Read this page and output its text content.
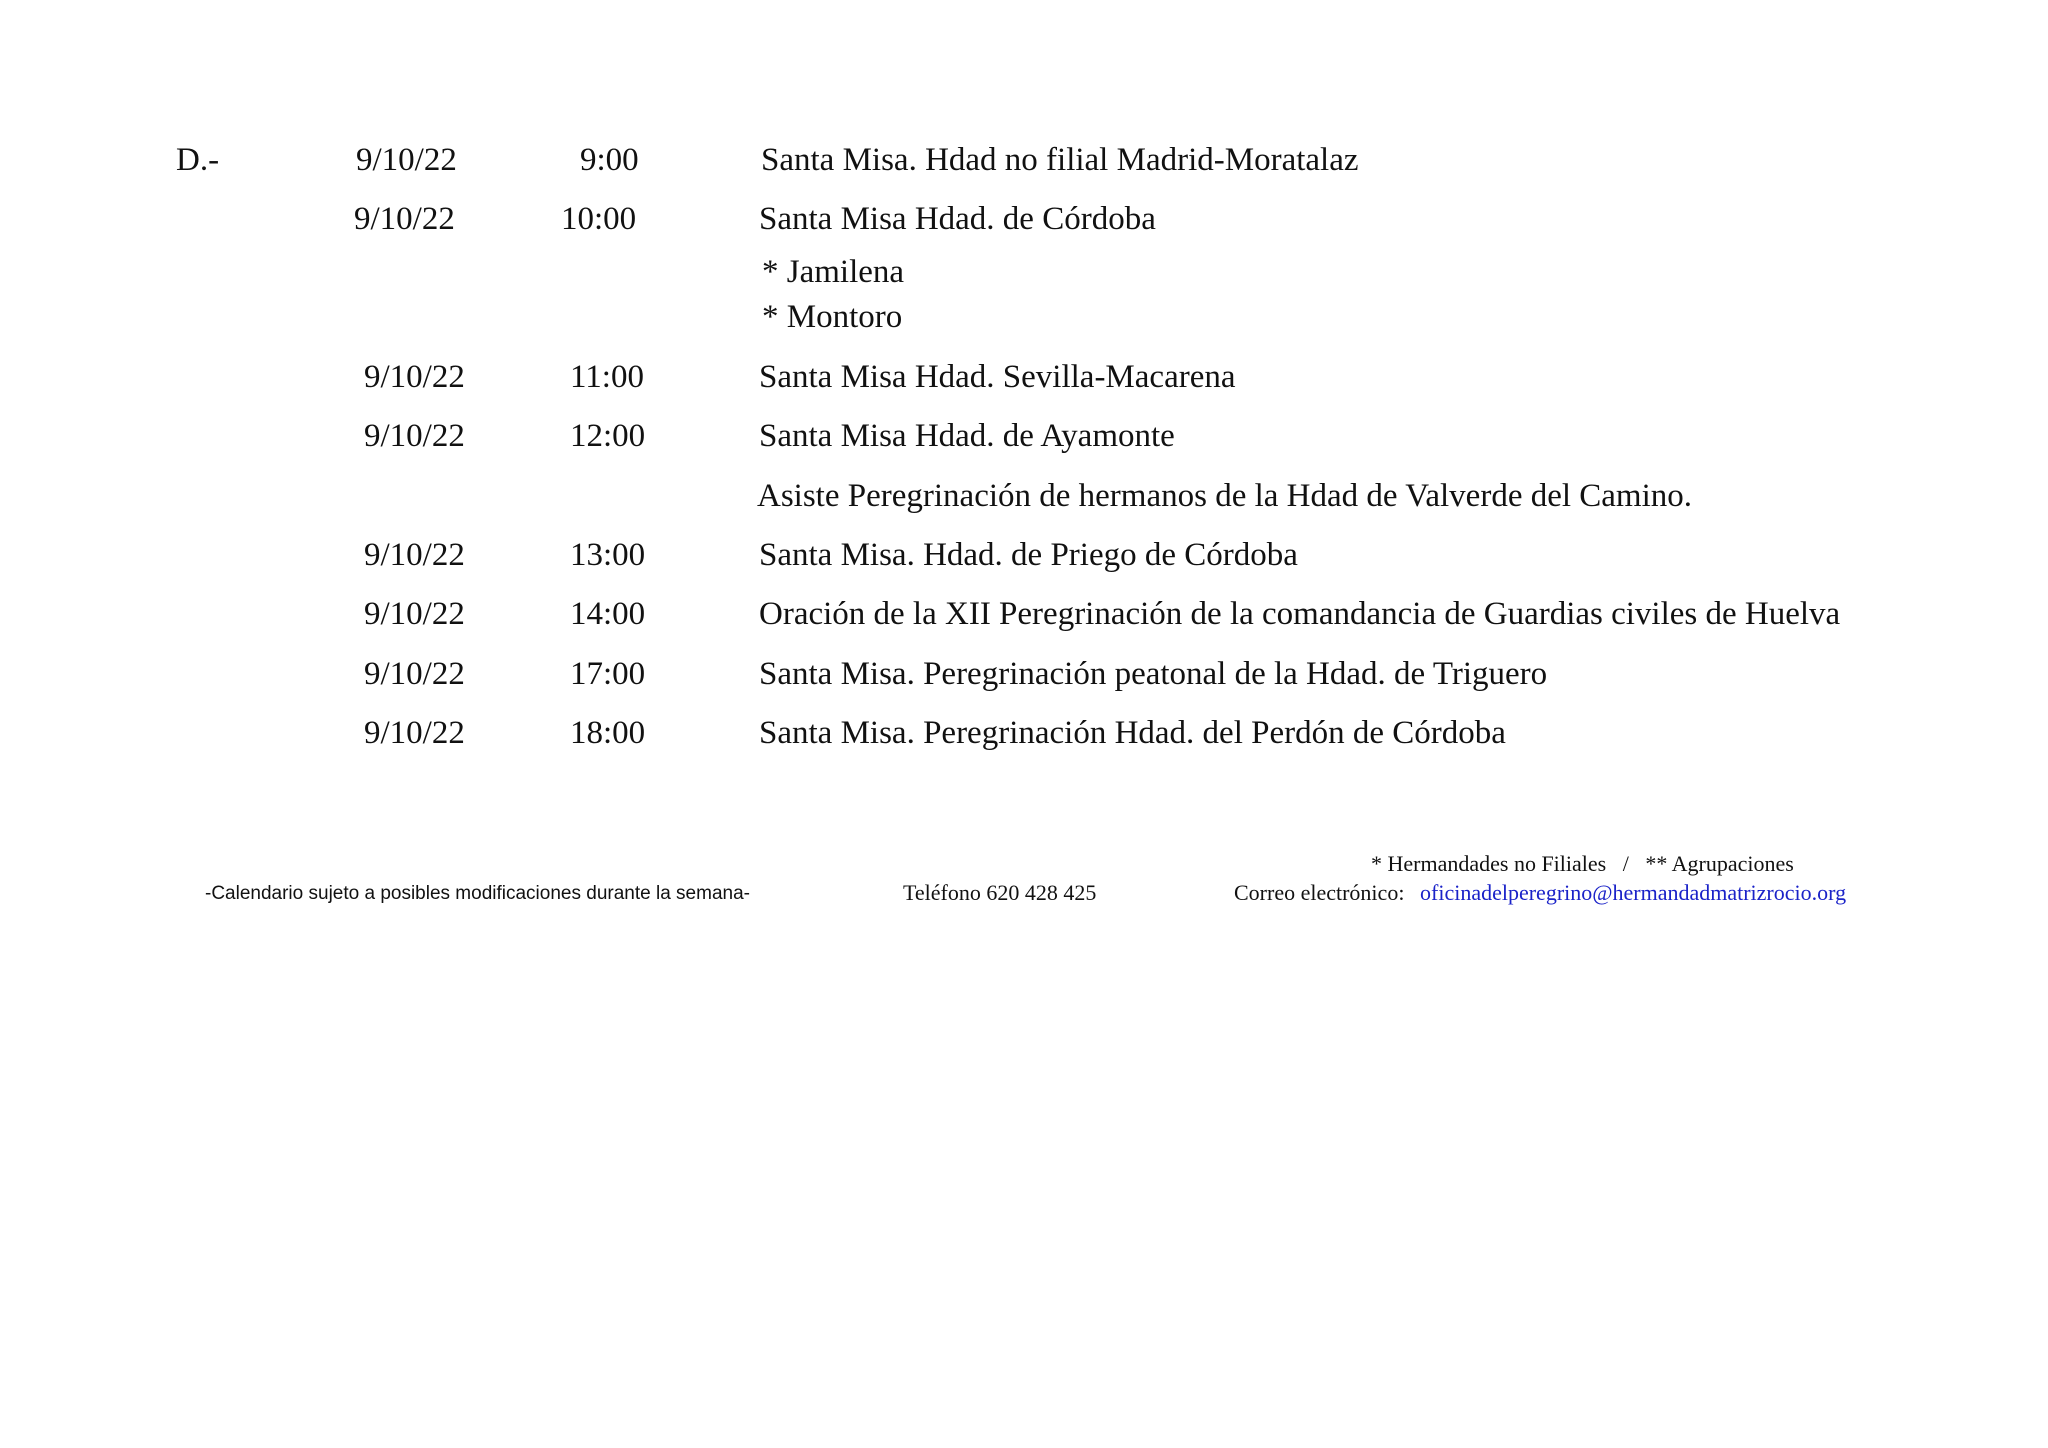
D.-	9/10/22	9:00	Santa Misa. Hdad no filial Madrid-Moratalaz
9/10/22	10:00	Santa Misa Hdad. de Córdoba
* Jamilena
* Montoro
9/10/22	11:00	Santa Misa Hdad. Sevilla-Macarena
9/10/22	12:00	Santa Misa Hdad. de Ayamonte
Asiste Peregrinación de hermanos de la Hdad de Valverde del Camino.
9/10/22	13:00	Santa Misa. Hdad. de Priego de Córdoba
9/10/22	14:00	Oración de la XII Peregrinación de la comandancia de Guardias civiles de Huelva
9/10/22	17:00	Santa Misa. Peregrinación peatonal de la Hdad. de Triguero
9/10/22	18:00	Santa Misa. Peregrinación Hdad. del Perdón de Córdoba
* Hermandades no Filiales   /   ** Agrupaciones
-Calendario sujeto a posibles modificaciones durante la semana-	Teléfono 620 428 425	Correo electrónico: oficinadelperegrino@hermandadmatrizrocio.org
